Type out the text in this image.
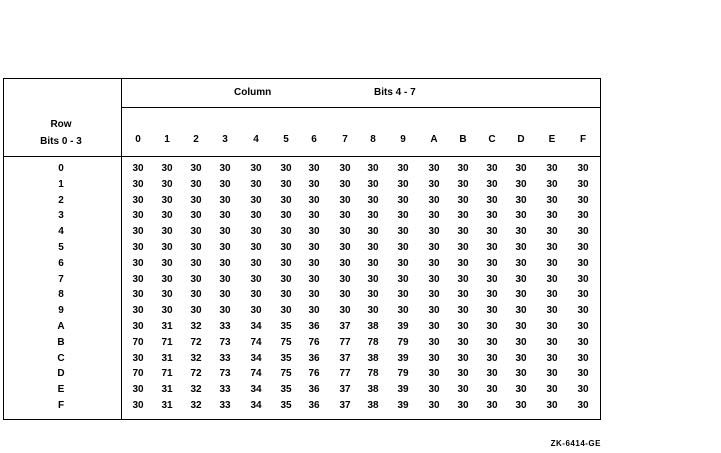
Column	Bits 4 - 7
Row
Bits 0 - 3	0 1 2 3	4 5 6	7 8 9 A B C D E F
0	30 30 30 30 30 30 30 30 30 30 30 30 30 30 30 30
1	30 30 30 30 30 30 30 30 30 30 30 30 30 30 30 30
2	30 30 30 30 30 30 30 30 30 30 30 30 30 30 30 30
3	30 30 30 30 30 30 30 30 30 30 30 30 30 30 30 30
4	30 30 30 30 30 30 30 30 30 30 30 30 30 30 30 30
5	30 30 30 30 30 30 30 30 30 30 30 30 30 30 30 30
6	30 30 30 30 30 30 30 30 30 30 30 30 30 30 30 30
7	30 30 30 30 30 30 30 30 30 30 30 30 30 30 30 30
8	30 30 30 30 30 30 30 30 30 30 30 30 30 30 30 30
9	30 30 30 30 30 30 30 30 30 30 30 30 30 30 30 30
A	30 31 32 33 34 35 36 37 38 39 30 30 30 30 30 30
B	70 71 72 73 74 75 76 77 78 79 30 30 30 30 30 30
C	30 31 32 33 34 35 36 37 38 39 30 30 30 30 30 30
D	70 71 72 73 74 75 76 77 78 79 30 30 30 30 30 30
E	30 31 32 33 34 35 36 37 38 39 30 30 30 30 30 30
F	30 31 32 33 34 35 36 37 38 39 30 30 30 30 30 30
ZK-6414-GE
